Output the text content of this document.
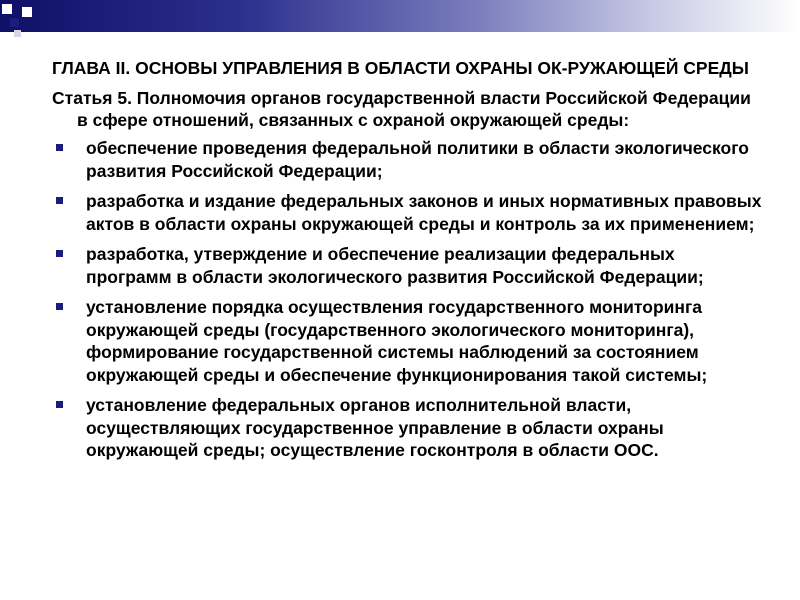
ГЛАВА II. ОСНОВЫ УПРАВЛЕНИЯ В ОБЛАСТИ ОХРАНЫ ОК-РУЖАЮЩЕЙ СРЕДЫ
Статья 5. Полномочия органов государственной власти Российской Федерации в сфере отношений, связанных с охраной окружающей среды:
обеспечение проведения федеральной политики в области экологического развития Российской Федерации;
разработка и издание федеральных законов и иных нормативных правовых актов в области охраны окружающей среды и контроль за их применением;
разработка, утверждение и обеспечение реализации федеральных программ в области экологического развития Российской Федерации;
установление порядка осуществления государственного мониторинга окружающей среды (государственного экологического мониторинга), формирование государственной системы наблюдений за состоянием окружающей среды и обеспечение функционирования такой системы;
установление федеральных органов исполнительной власти, осуществляющих государственное управление в области охраны окружающей среды; осуществление госконтроля в области ООС.
